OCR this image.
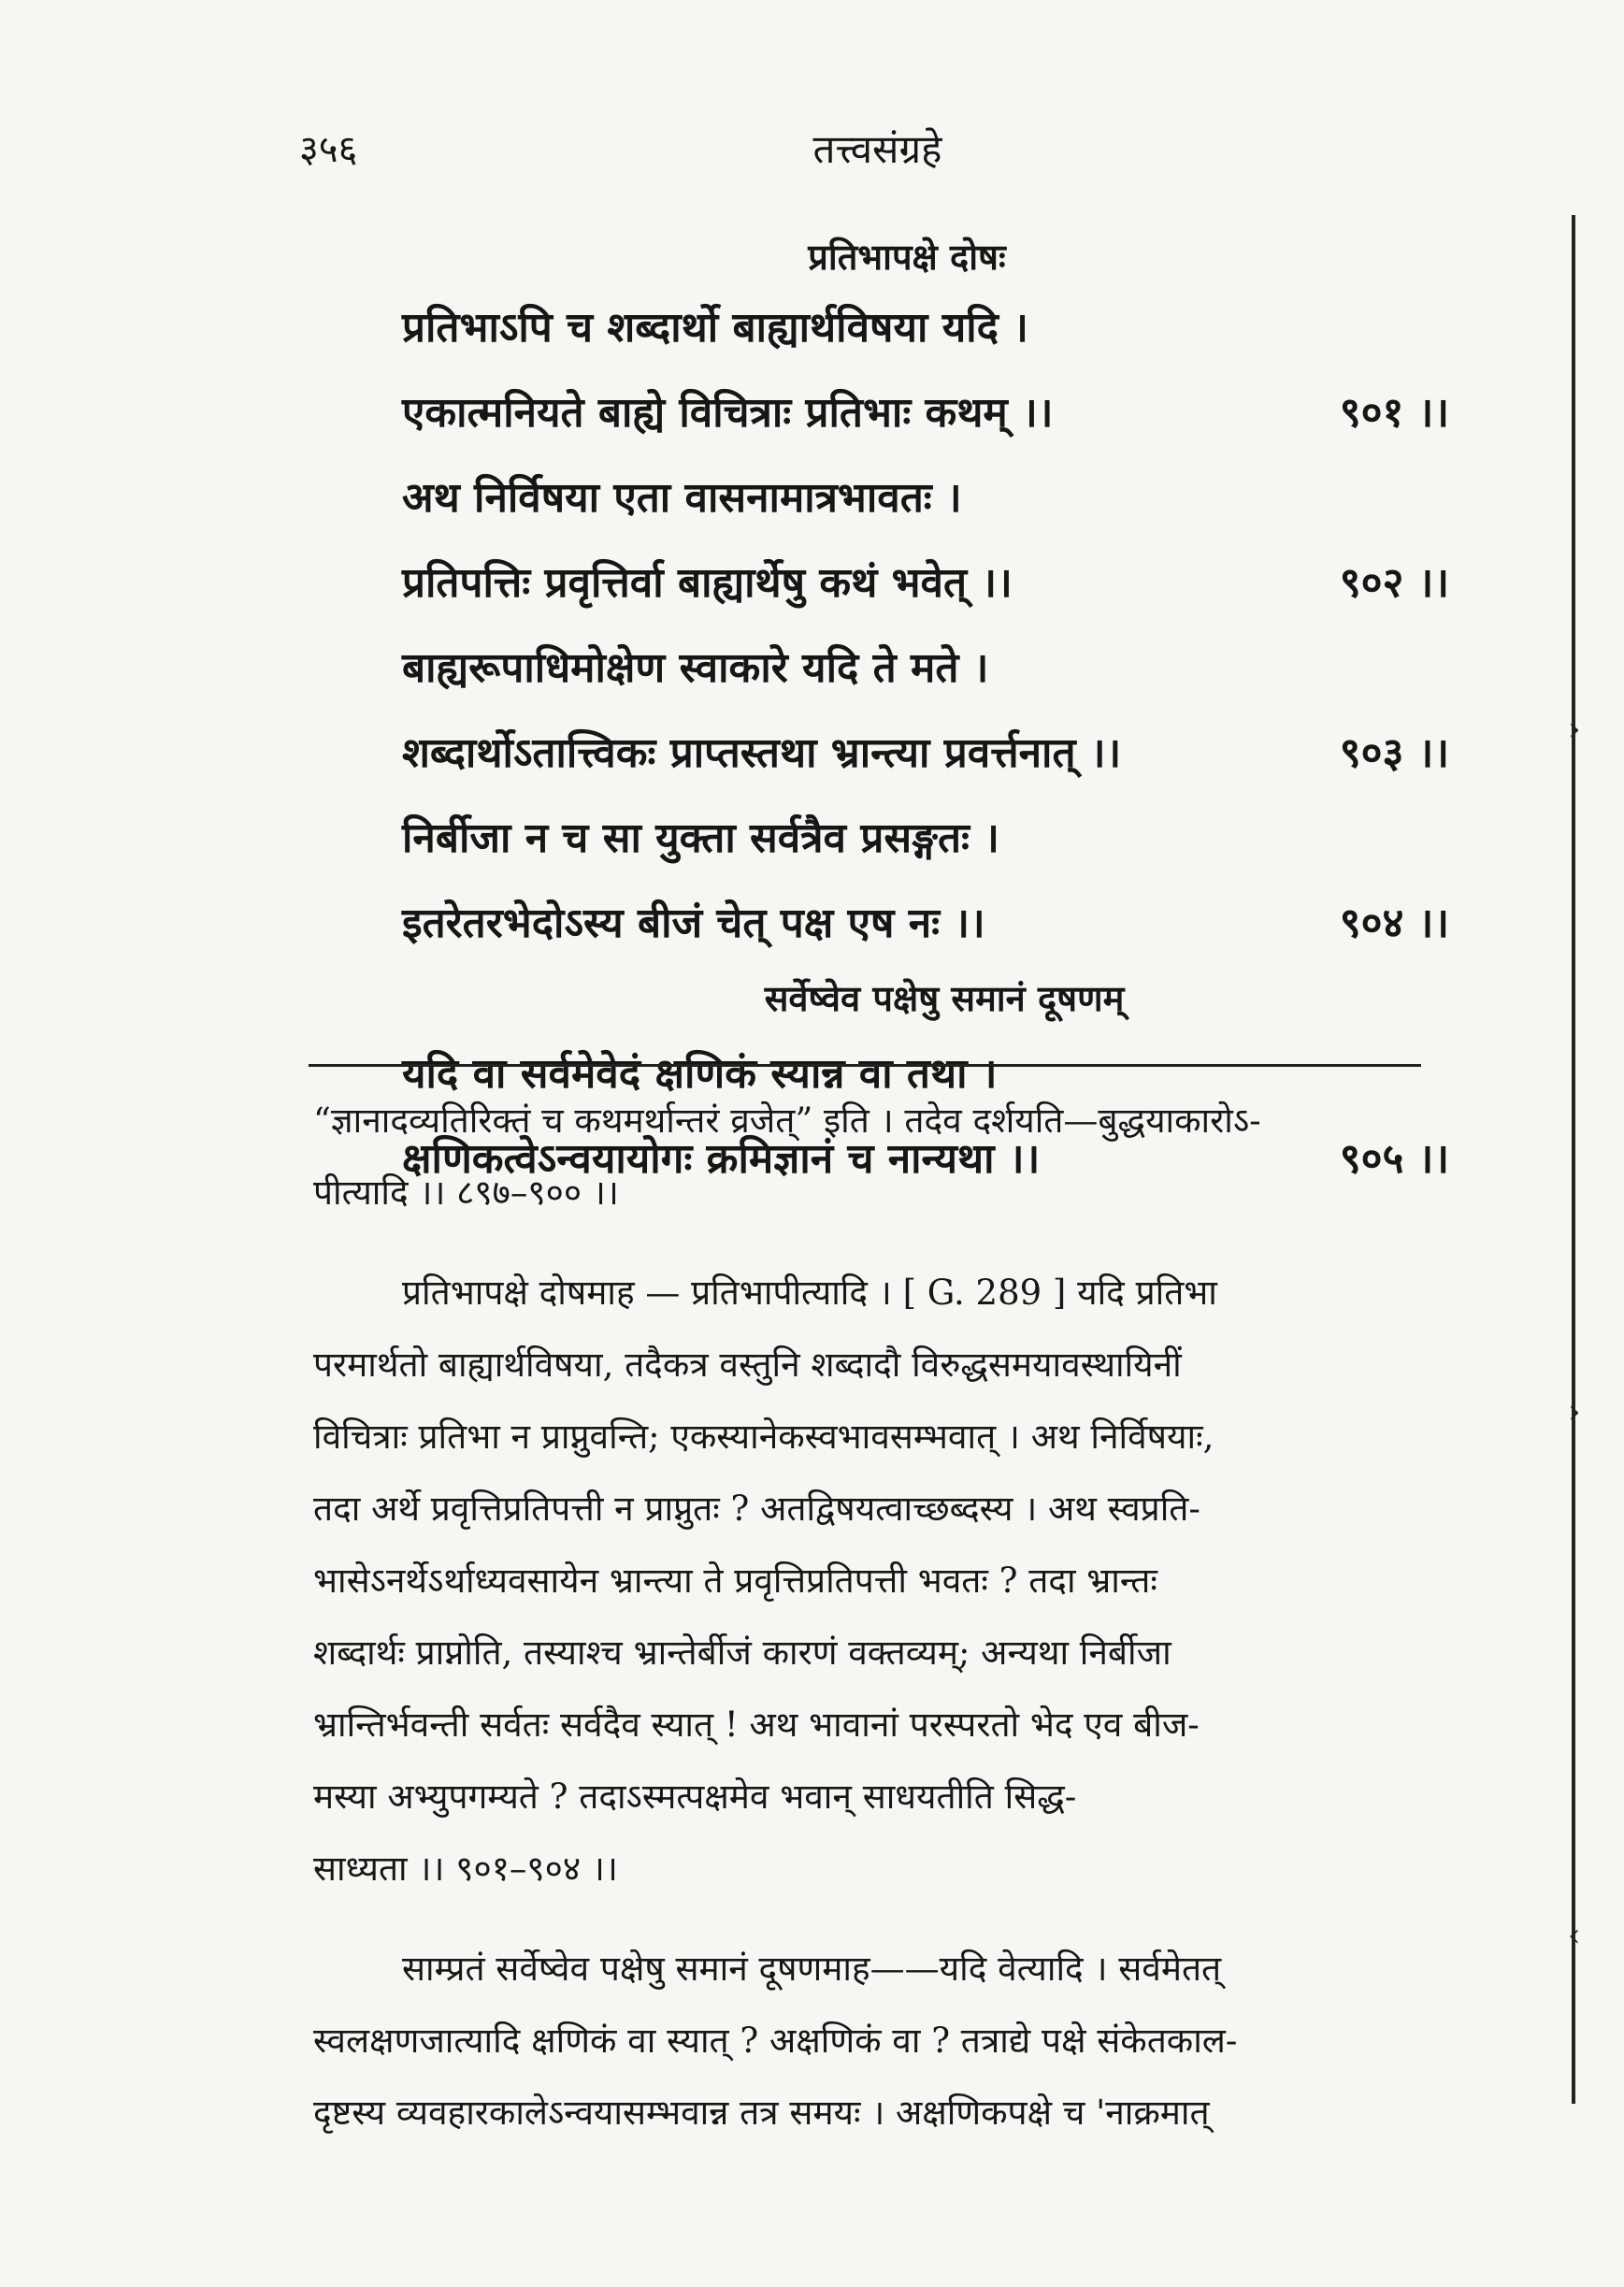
३५६	तत्त्वसंग्रहे
प्रतिभापक्षे दोषः
प्रतिभाऽपि च शब्दार्थो बाह्यार्थविषया यदि ।
एकात्मनियते बाह्ये विचित्राः प्रतिभाः कथम् ।।	९०१ ।।
अथ निर्विषया एता वासनामात्रभावतः ।
प्रतिपत्तिः प्रवृत्तिर्वा बाह्यार्थेषु कथं भवेत् ।।	९०२ ।।
बाह्यरूपाधिमोक्षेण स्वाकारे यदि ते मते ।
शब्दार्थोऽतात्त्विकः प्राप्तस्तथा भ्रान्त्या प्रवर्त्तनात् ।।	९०३ ।।
निर्बीजा न च सा युक्ता सर्वत्रैव प्रसङ्गतः ।
इतरेतरभेदोऽस्य बीजं चेत् पक्ष एष नः ।।	९०४ ।।
सर्वेष्वेव पक्षेषु समानं दूषणम्
यदि वा सर्वमेवेदं क्षणिकं स्यान्न वा तथा ।
क्षणिकत्वेऽन्वयायोगः क्रमिज्ञानं च नान्यथा ।।	९०५ ।।

“ज्ञानादव्यतिरिक्तं च कथमर्थान्तरं व्रजेत्” इति । तदेव दर्शयति—बुद्धयाकारोऽ-

पीत्यादि ।। ८९७–९०० ।।

प्रतिभापक्षे दोषमाह — प्रतिभापीत्यादि । [ G. 289 ] यदि प्रतिभा

परमार्थतो बाह्यार्थविषया, तदैकत्र वस्तुनि शब्दादौ विरुद्धसमयावस्थायिनीं

विचित्राः प्रतिभा न प्राप्नुवन्ति; एकस्यानेकस्वभावसम्भवात् । अथ निर्विषयाः,

तदा अर्थे प्रवृत्तिप्रतिपत्ती न प्राप्नुतः ? अतद्विषयत्वाच्छब्दस्य । अथ स्वप्रति-

भासेऽनर्थेऽर्थाध्यवसायेन भ्रान्त्या ते प्रवृत्तिप्रतिपत्ती भवतः ? तदा भ्रान्तः

शब्दार्थः प्राप्नोति, तस्याश्च भ्रान्तेर्बीजं कारणं वक्तव्यम्; अन्यथा निर्बीजा

भ्रान्तिर्भवन्ती सर्वतः सर्वदैव स्यात् ! अथ भावानां परस्परतो भेद एव बीज-

मस्या अभ्युपगम्यते ? तदाऽस्मत्पक्षमेव भवान् साधयतीति सिद्ध-

साध्यता ।। ९०१–९०४ ।।

साम्प्रतं सर्वेष्वेव पक्षेषु समानं दूषणमाह——यदि वेत्यादि । सर्वमेतत्

स्वलक्षणजात्यादि क्षणिकं वा स्यात् ? अक्षणिकं वा ? तत्राद्ये पक्षे संकेतकाल-

दृष्टस्य व्यवहारकालेऽन्वयासम्भवान्न तत्र समयः । अक्षणिकपक्षे च 'नाक्रमात्

›
›
‹
